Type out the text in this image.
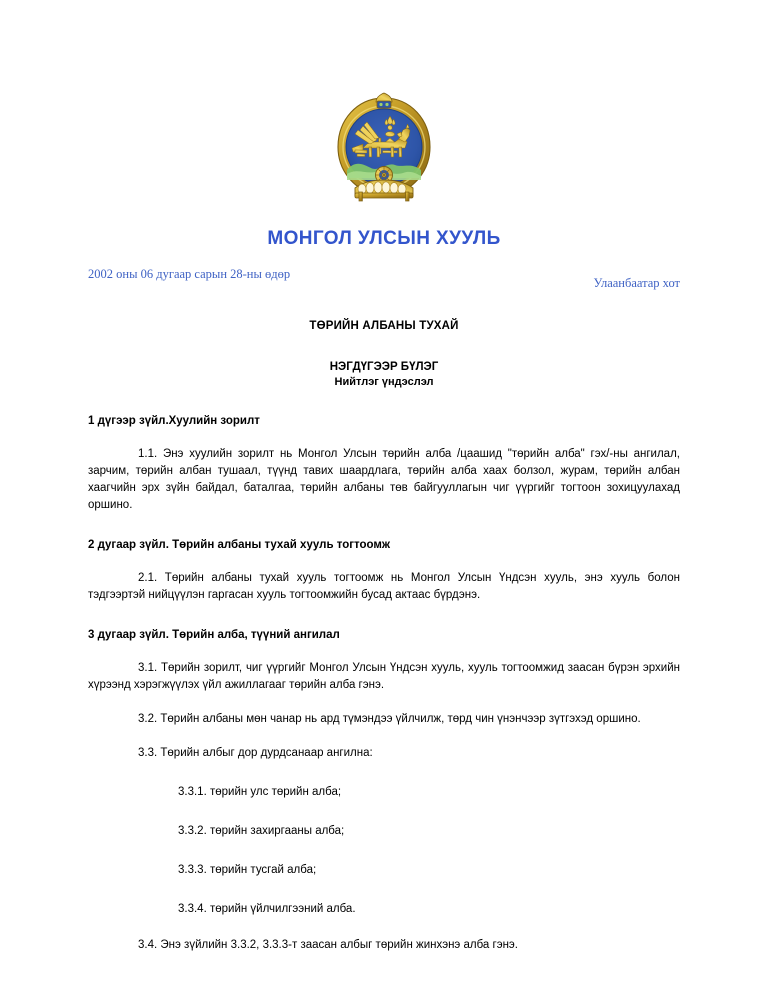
МОНГОЛ УЛСЫН ХУУЛЬ
2002 оны 06 дугаар сарын 28-ны өдөр
Улаанбаатар хот
ТӨРИЙН АЛБАНЫ ТУХАЙ
НЭГДҮГЭЭР БҮЛЭГ
Нийтлэг үндэслэл
1 дүгээр зүйл.Хуулийн зорилт

1.1. Энэ хуулийн зорилт нь Монгол Улсын төрийн алба /цаашид "төрийн алба" гэх/-ны ангилал, зарчим, төрийн албан тушаал, түүнд тавих шаардлага, төрийн алба хаах болзол, журам, төрийн албан хаагчийн эрх зүйн байдал, баталгаа, төрийн албаны төв байгууллагын чиг үүргийг тогтоон зохицуулахад оршино.

2 дугаар зүйл. Төрийн албаны тухай хууль тогтоомж

2.1. Төрийн албаны тухай хууль тогтоомж нь Монгол Улсын Үндсэн хууль, энэ хууль болон тэдгээртэй нийцүүлэн гаргасан хууль тогтоомжийн бусад актаас бүрдэнэ.

3 дугаар зүйл. Төрийн алба, түүний ангилал

3.1. Төрийн зорилт, чиг үүргийг Монгол Улсын Үндсэн хууль, хууль тогтоомжид заасан бүрэн эрхийн хүрээнд хэрэгжүүлэх үйл ажиллагааг төрийн алба гэнэ.

3.2. Төрийн албаны мөн чанар нь ард түмэндээ үйлчилж, төрд чин үнэнчээр зүтгэхэд оршино.

3.3. Төрийн албыг дор дурдсанаар ангилна:

3.3.1. төрийн улс төрийн алба;

3.3.2. төрийн захиргааны алба;

3.3.3. төрийн тусгай алба;

3.3.4. төрийн үйлчилгээний алба.

3.4. Энэ зүйлийн 3.3.2, 3.3.3-т заасан албыг төрийн жинхэнэ алба гэнэ.
